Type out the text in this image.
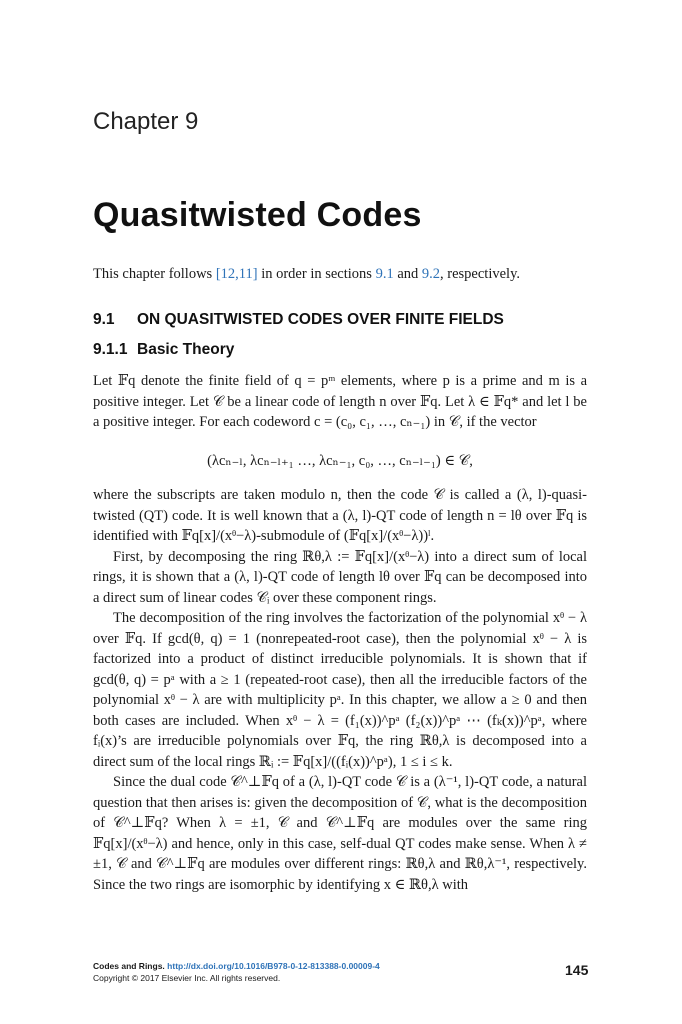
Chapter 9
Quasitwisted Codes
This chapter follows [12,11] in order in sections 9.1 and 9.2, respectively.
9.1 ON QUASITWISTED CODES OVER FINITE FIELDS
9.1.1 Basic Theory

Let 𝔽q denote the finite field of q = pᵐ elements, where p is a prime and m is a positive integer. Let 𝒞 be a linear code of length n over 𝔽q. Let λ ∈ 𝔽q* and let l be a positive integer. For each codeword c = (c₀, c₁, …, cₙ₋₁) in 𝒞, if the vector

(λcₙ₋ₗ, λcₙ₋ₗ₊₁ …, λcₙ₋₁, c₀, …, cₙ₋ₗ₋₁) ∈ 𝒞,

where the subscripts are taken modulo n, then the code 𝒞 is called a (λ, l)-quasi-twisted (QT) code. It is well known that a (λ, l)-QT code of length n = lθ over 𝔽q is identified with 𝔽q[x]/(xᶿ−λ)-submodule of (𝔽q[x]/(xᶿ−λ))ˡ.

First, by decomposing the ring ℝθ,λ := 𝔽q[x]/(xᶿ−λ) into a direct sum of local rings, it is shown that a (λ, l)-QT code of length lθ over 𝔽q can be decomposed into a direct sum of linear codes 𝒞ᵢ over these component rings.

The decomposition of the ring involves the factorization of the polynomial xᶿ − λ over 𝔽q. If gcd(θ, q) = 1 (nonrepeated-root case), then the polynomial xᶿ − λ is factorized into a product of distinct irreducible polynomials. It is shown that if gcd(θ, q) = pᵃ with a ≥ 1 (repeated-root case), then all the irreducible factors of the polynomial xᶿ − λ are with multiplicity pᵃ. In this chapter, we allow a ≥ 0 and then both cases are included. When xᶿ − λ = (f₁(x))^pᵃ (f₂(x))^pᵃ ⋯ (fₖ(x))^pᵃ, where fᵢ(x)’s are irreducible polynomials over 𝔽q, the ring ℝθ,λ is decomposed into a direct sum of the local rings ℝᵢ := 𝔽q[x]/((fᵢ(x))^pᵃ), 1 ≤ i ≤ k.

Since the dual code 𝒞^⊥𝔽q of a (λ, l)-QT code 𝒞 is a (λ⁻¹, l)-QT code, a natural question that then arises is: given the decomposition of 𝒞, what is the decomposition of 𝒞^⊥𝔽q? When λ = ±1, 𝒞 and 𝒞^⊥𝔽q are modules over the same ring 𝔽q[x]/(xᶿ−λ) and hence, only in this case, self-dual QT codes make sense. When λ ≠ ±1, 𝒞 and 𝒞^⊥𝔽q are modules over different rings: ℝθ,λ and ℝθ,λ⁻¹, respectively. Since the two rings are isomorphic by identifying x ∈ ℝθ,λ with

Codes and Rings. http://dx.doi.org/10.1016/B978-0-12-813388-0.00009-4
Copyright © 2017 Elsevier Inc. All rights reserved.	145
